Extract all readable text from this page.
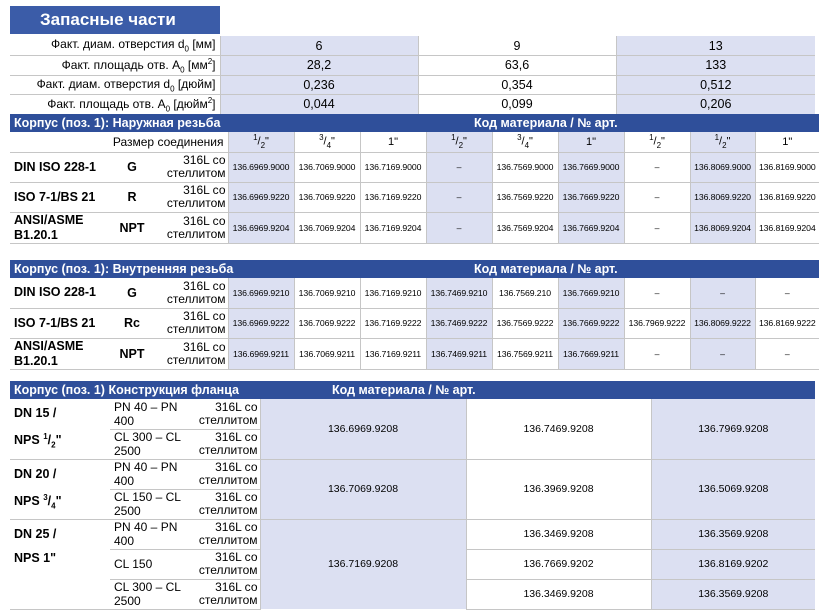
Запасные части
Факт. диам. отверстия $d_0$ [мм]	6	9	13
Факт. площадь отв. $A_0$ $[мм^2]$	28,2	63,6	133
Факт. диам. отверстия $d_0$ [дюйм]	0,236	0,354	0,512
Факт. площадь отв. $A_0$ [дюйм$^2$]	0,044	0,099	0,206
Корпус (поз. 1): Наружная резьба				Код материала / № арт.							
Размер соединения			$^1/_2$"	$^3/_4$"	1"	$^1/_2$"	$^3/_4$"	1"	$^1/_2$"	$^1/_2$"	1"
DIN ISO 228-1	G	316L со стеллитом	136.6969.9000	136.7069.9000	136.7169.9000	–	136.7569.9000	136.7669.9000	–	136.8069.9000	136.8169.9000
ISO 7-1/BS 21	R	316L со стеллитом	136.6969.9220	136.7069.9220	136.7169.9220	–	136.7569.9220	136.7669.9220	–	136.8069.9220	136.8169.9220
ANSI/ASME B1.20.1	NPT	316L со стеллитом	136.6969.9204	136.7069.9204	136.7169.9204	–	136.7569.9204	136.7669.9204	–	136.8069.9204	136.8169.9204
Корпус (поз. 1): Внутренняя резьба				Код материала / № арт.							
DIN ISO 228-1	G	316L со стеллитом	136.6969.9210	136.7069.9210	136.7169.9210	136.7469.9210	136.7569.210	136.7669.9210	–	–	–
ISO 7-1/BS 21	Rc	316L со стеллитом	136.6969.9222	136.7069.9222	136.7169.9222	136.7469.9222	136.7569.9222	136.7669.9222	136.7969.9222	136.8069.9222	136.8169.9222
ANSI/ASME B1.20.1	NPT	316L со стеллитом	136.6969.9211	136.7069.9211	136.7169.9211	136.7469.9211	136.7569.9211	136.7669.9211	–	–	–
Корпус (поз. 1) Конструкция фланца				Код материала / № арт.	

DN 15 /
NPS $^1/_2$"	PN 40 – PN 400	316L со стеллитом	136.6969.9208	136.7469.9208	136.7969.9208
	CL 300 – CL 2500	316L со стеллитом			

DN 20 /
NPS $^3/_4$"	PN 40 – PN 400	316L со стеллитом	136.7069.9208	136.3969.9208	136.5069.9208
	CL 150 – CL 2500	316L со стеллитом			

DN 25 /
NPS 1"	PN 40 – PN 400	316L со стеллитом	136.7169.9208	136.3469.9208	136.3569.9208
	CL 150	316L со стеллитом		136.7669.9202	136.8169.9202
	CL 300 – CL 2500	316L со стеллитом		136.3469.9208	136.3569.9208
